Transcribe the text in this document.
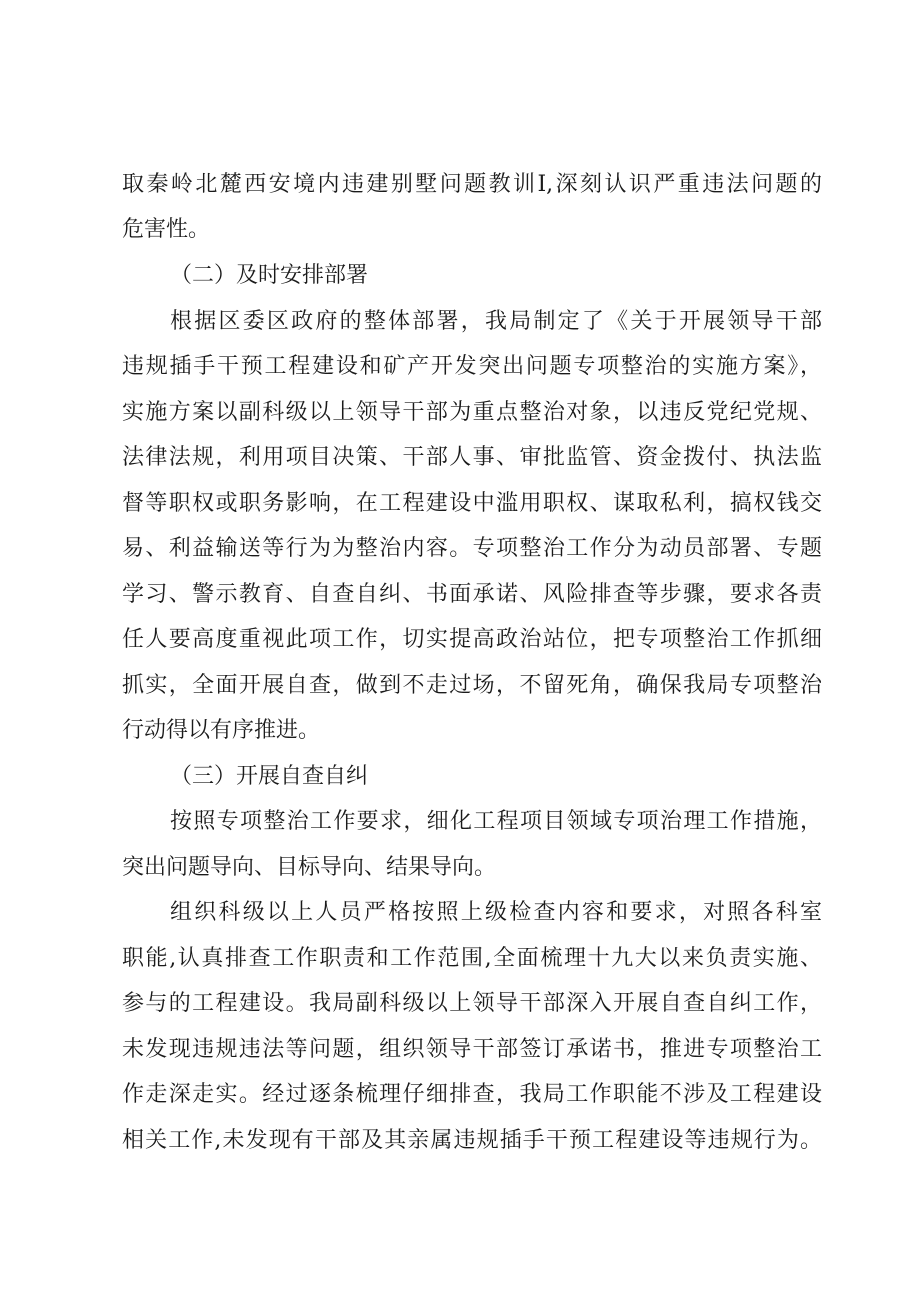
取秦岭北麓西安境内违建别墅问题教训I,深刻认识严重违法问题的
危害性。
（二）及时安排部署
根据区委区政府的整体部署，我局制定了《关于开展领导干部
违规插手干预工程建设和矿产开发突出问题专项整治的实施方案》，
实施方案以副科级以上领导干部为重点整治对象，以违反党纪党规、
法律法规，利用项目决策、干部人事、审批监管、资金拨付、执法监
督等职权或职务影响，在工程建设中滥用职权、谋取私利，搞权钱交
易、利益输送等行为为整治内容。专项整治工作分为动员部署、专题
学习、警示教育、自查自纠、书面承诺、风险排查等步骤，要求各责
任人要高度重视此项工作，切实提高政治站位，把专项整治工作抓细
抓实，全面开展自查，做到不走过场，不留死角，确保我局专项整治
行动得以有序推进。
（三）开展自查自纠
按照专项整治工作要求，细化工程项目领域专项治理工作措施，
突出问题导向、目标导向、结果导向。
组织科级以上人员严格按照上级检查内容和要求，对照各科室
职能,认真排查工作职责和工作范围,全面梳理十九大以来负责实施、
参与的工程建设。我局副科级以上领导干部深入开展自查自纠工作，
未发现违规违法等问题，组织领导干部签订承诺书，推进专项整治工
作走深走实。经过逐条梳理仔细排查，我局工作职能不涉及工程建设
相关工作,未发现有干部及其亲属违规插手干预工程建设等违规行为。
